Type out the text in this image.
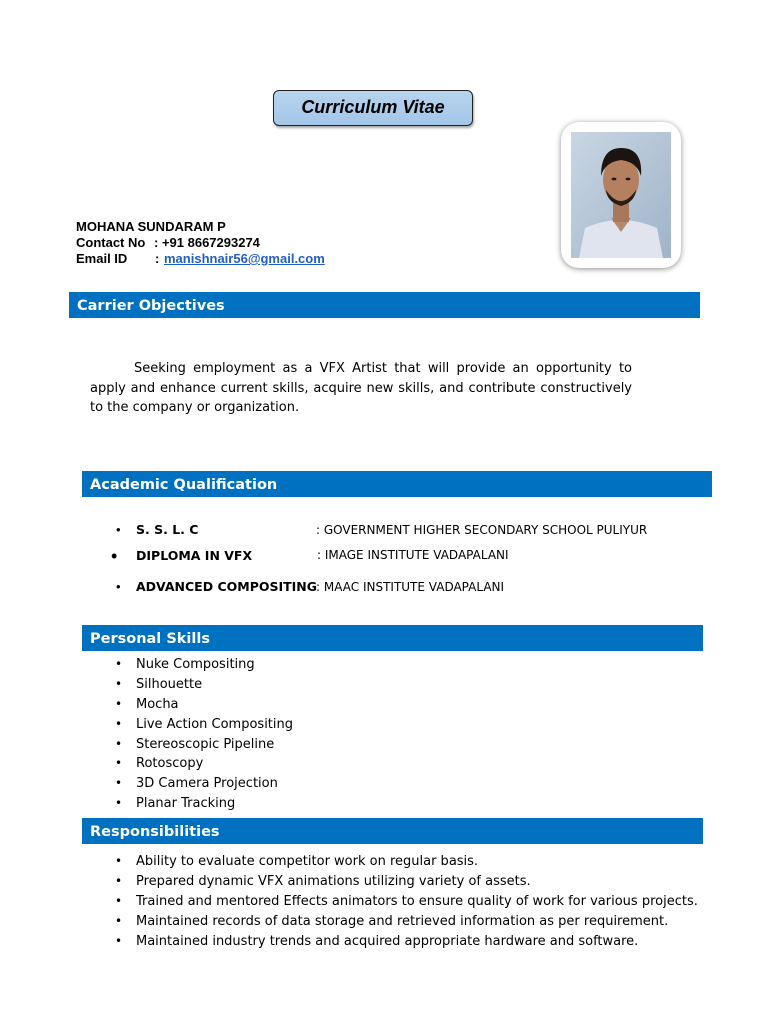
Curriculum Vitae
MOHANA SUNDARAM P
Contact No : +91 8667293274
Email ID : manishnair56@gmail.com
Carrier Objectives
Seeking employment as a VFX Artist that will provide an opportunity to apply and enhance current skills, acquire new skills, and contribute constructively to the company or organization.
Academic Qualification
• S. S. L. C	: GOVERNMENT HIGHER SECONDARY SCHOOL PULIYUR
• DIPLOMA IN VFX	: IMAGE INSTITUTE VADAPALANI
• ADVANCED COMPOSITING
: MAAC INSTITUTE VADAPALANI
Personal Skills
• Nuke Compositing
• Silhouette
• Mocha
• Live Action Compositing
• Stereoscopic Pipeline
• Rotoscopy
• 3D Camera Projection
• Planar Tracking
Responsibilities
• Ability to evaluate competitor work on regular basis.
• Prepared dynamic VFX animations utilizing variety of assets.
• Trained and mentored Effects animators to ensure quality of work for various projects.
• Maintained records of data storage and retrieved information as per requirement.
• Maintained industry trends and acquired appropriate hardware and software.
